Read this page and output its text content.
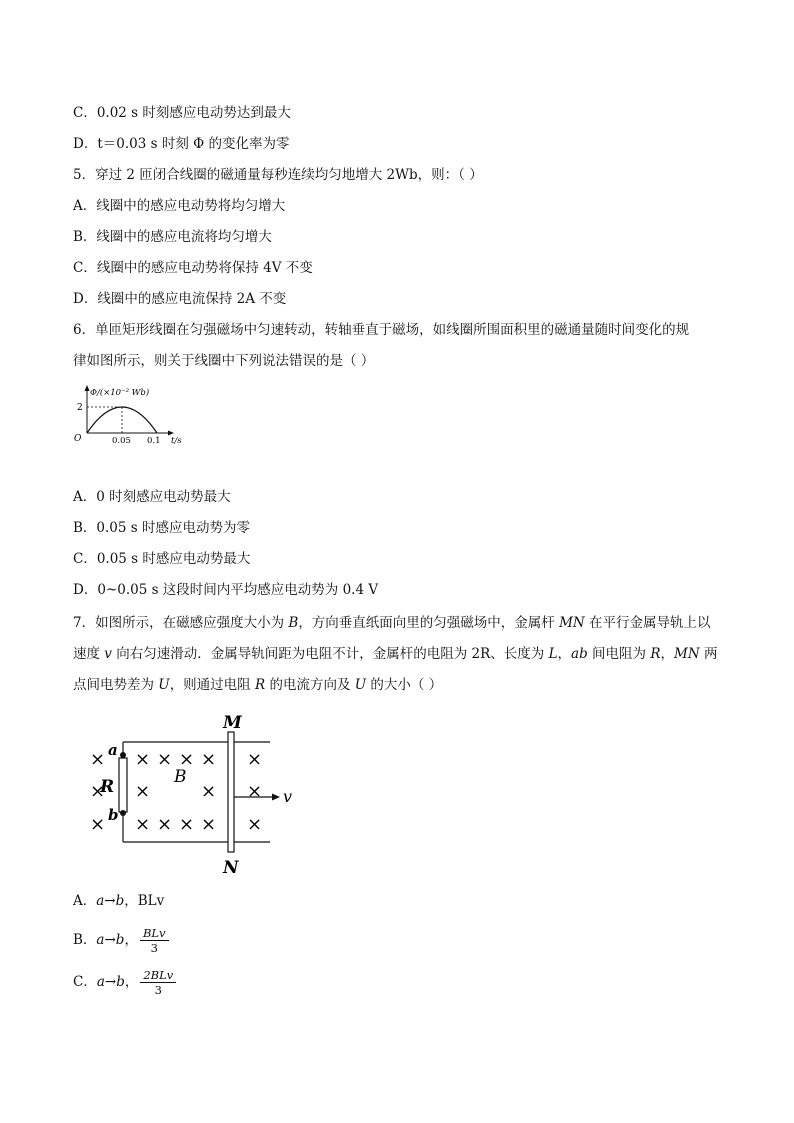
C．0.02 s 时刻感应电动势达到最大
D．t＝0.03 s 时刻 Φ 的变化率为零
5．穿过 2 匝闭合线圈的磁通量每秒连续均匀地增大 2Wb，则：（ ）
A．线圈中的感应电动势将均匀增大
B．线圈中的感应电流将均匀增大
C．线圈中的感应电动势将保持 4V 不变
D．线圈中的感应电流保持 2A 不变
6．单匝矩形线圈在匀强磁场中匀速转动，转轴垂直于磁场，如线圈所围面积里的磁通量随时间变化的规
律如图所示，则关于线圈中下列说法错误的是（ ）
Φ/(×10⁻² Wb)
2
O	0.05 0.1 t/s
A．0 时刻感应电动势最大
B．0.05 s 时感应电动势为零
C．0.05 s 时感应电动势最大
D．0~0.05 s 这段时间内平均感应电动势为 0.4 V
7．如图所示，在磁感应强度大小为 B，方向垂直纸面向里的匀强磁场中，金属杆 MN 在平行金属导轨上以
速度 v 向右匀速滑动．金属导轨间距为电阻不计，金属杆的电阻为 2R、长度为 L，ab 间电阻为 R，MN 两
点间电势差为 U，则通过电阻 R 的电流方向及 U 的大小（ ）
M
N
a
b
R	B
v
× × × × × ×
× ×	× ×
× × × × × ×
A．a→b，BLv
B．a→b， $\frac{\text{BLv}}{3}$
C．a→b， $\frac{\text{2BLv}}{3}$
